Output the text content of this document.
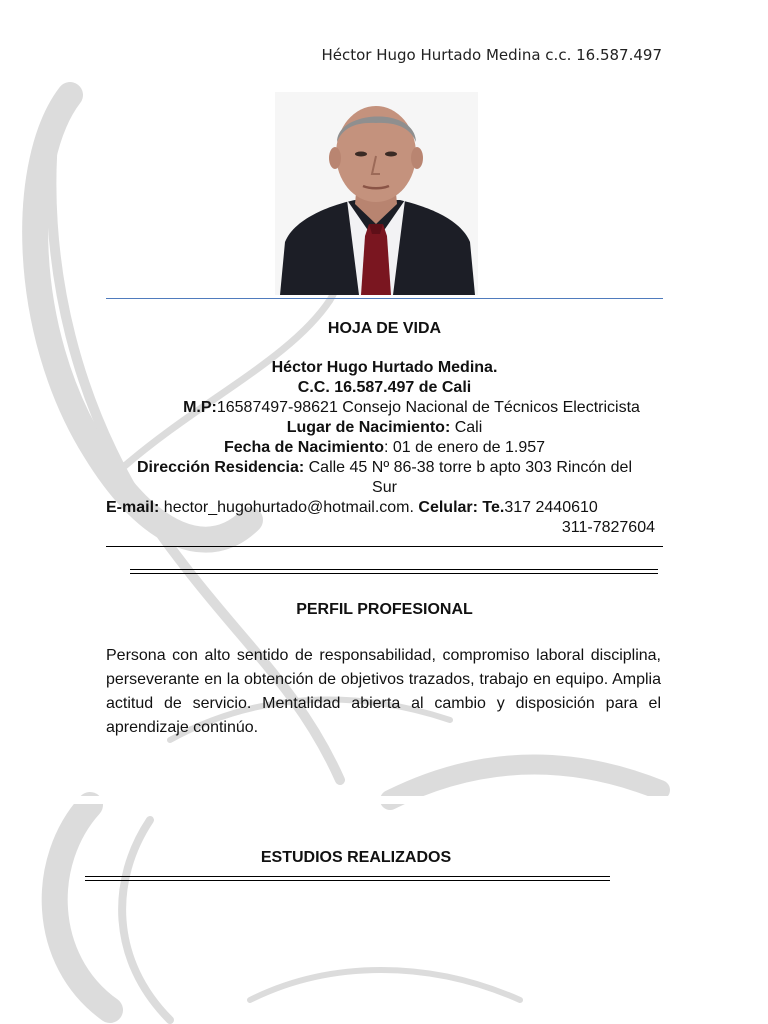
Héctor Hugo Hurtado Medina c.c. 16.587.497
HOJA DE VIDA
Héctor Hugo Hurtado Medina.
C.C. 16.587.497 de Cali
M.P:16587497-98621 Consejo Nacional de Técnicos Electricista
Lugar de Nacimiento: Cali
Fecha de Nacimiento: 01 de enero de 1.957
Dirección Residencia: Calle 45 Nº 86-38 torre b apto 303 Rincón del
Sur
E-mail: hector_hugohurtado@hotmail.com. Celular: Te.317 2440610
311-7827604
PERFIL PROFESIONAL
Persona con alto sentido de responsabilidad, compromiso laboral disciplina, perseverante en la obtención de objetivos trazados, trabajo en equipo. Amplia actitud de servicio. Mentalidad abierta al cambio y disposición para el aprendizaje continúo.
ESTUDIOS REALIZADOS
